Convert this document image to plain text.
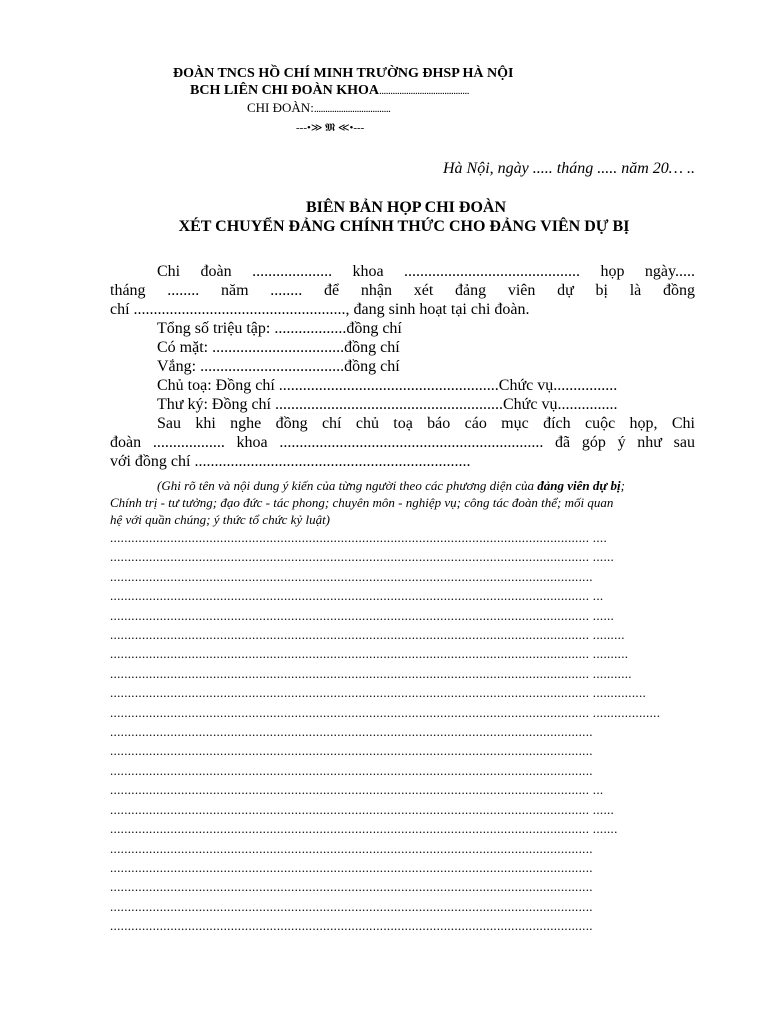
ĐOÀN TNCS HỒ CHÍ MINH TRƯỜNG ĐHSP HÀ NỘI
BCH LIÊN CHI ĐOÀN KHOA........................................
CHI ĐOÀN:..................................
---•≫ 𝕸 ≪•---
Hà Nội, ngày ..... tháng ..... năm 20… ..
BIÊN BẢN HỌP CHI ĐOÀN
XÉT CHUYỂN ĐẢNG CHÍNH THỨC CHO ĐẢNG VIÊN DỰ BỊ

Chi đoàn .................... khoa ............................................ họp ngày.....

tháng ........ năm ........ để nhận xét đảng viên dự bị là đồng

chí ....................................................., đang sinh hoạt tại chi đoàn.

Tổng số triệu tập: ..................đồng chí

Có mặt: .................................đồng chí

Vắng: ....................................đồng chí

Chủ toạ: Đồng chí .......................................................Chức vụ................

Thư ký: Đồng chí .........................................................Chức vụ...............

Sau khi nghe đồng chí chủ toạ báo cáo mục đích cuộc họp, Chi

đoàn .................. khoa .................................................................. đã góp ý như sau

với đồng chí .....................................................................

(Ghi rõ tên và nội dung ý kiến của từng người theo các phương diện của đảng viên dự bị;

Chính trị - tư tưởng; đạo đức - tác phong; chuyên môn - nghiệp vụ; công tác đoàn thể; mối quan

hệ với quần chúng; ý thức tổ chức kỷ luật)

....................................................................................................................................... ....
....................................................................................................................................... ......
........................................................................................................................................
....................................................................................................................................... ...
....................................................................................................................................... ......
....................................................................................................................................... .........
....................................................................................................................................... ..........
....................................................................................................................................... ...........
....................................................................................................................................... ...............
....................................................................................................................................... ...................
........................................................................................................................................
........................................................................................................................................
........................................................................................................................................
....................................................................................................................................... ...
....................................................................................................................................... ......
....................................................................................................................................... .......
........................................................................................................................................
........................................................................................................................................
........................................................................................................................................
........................................................................................................................................
........................................................................................................................................
